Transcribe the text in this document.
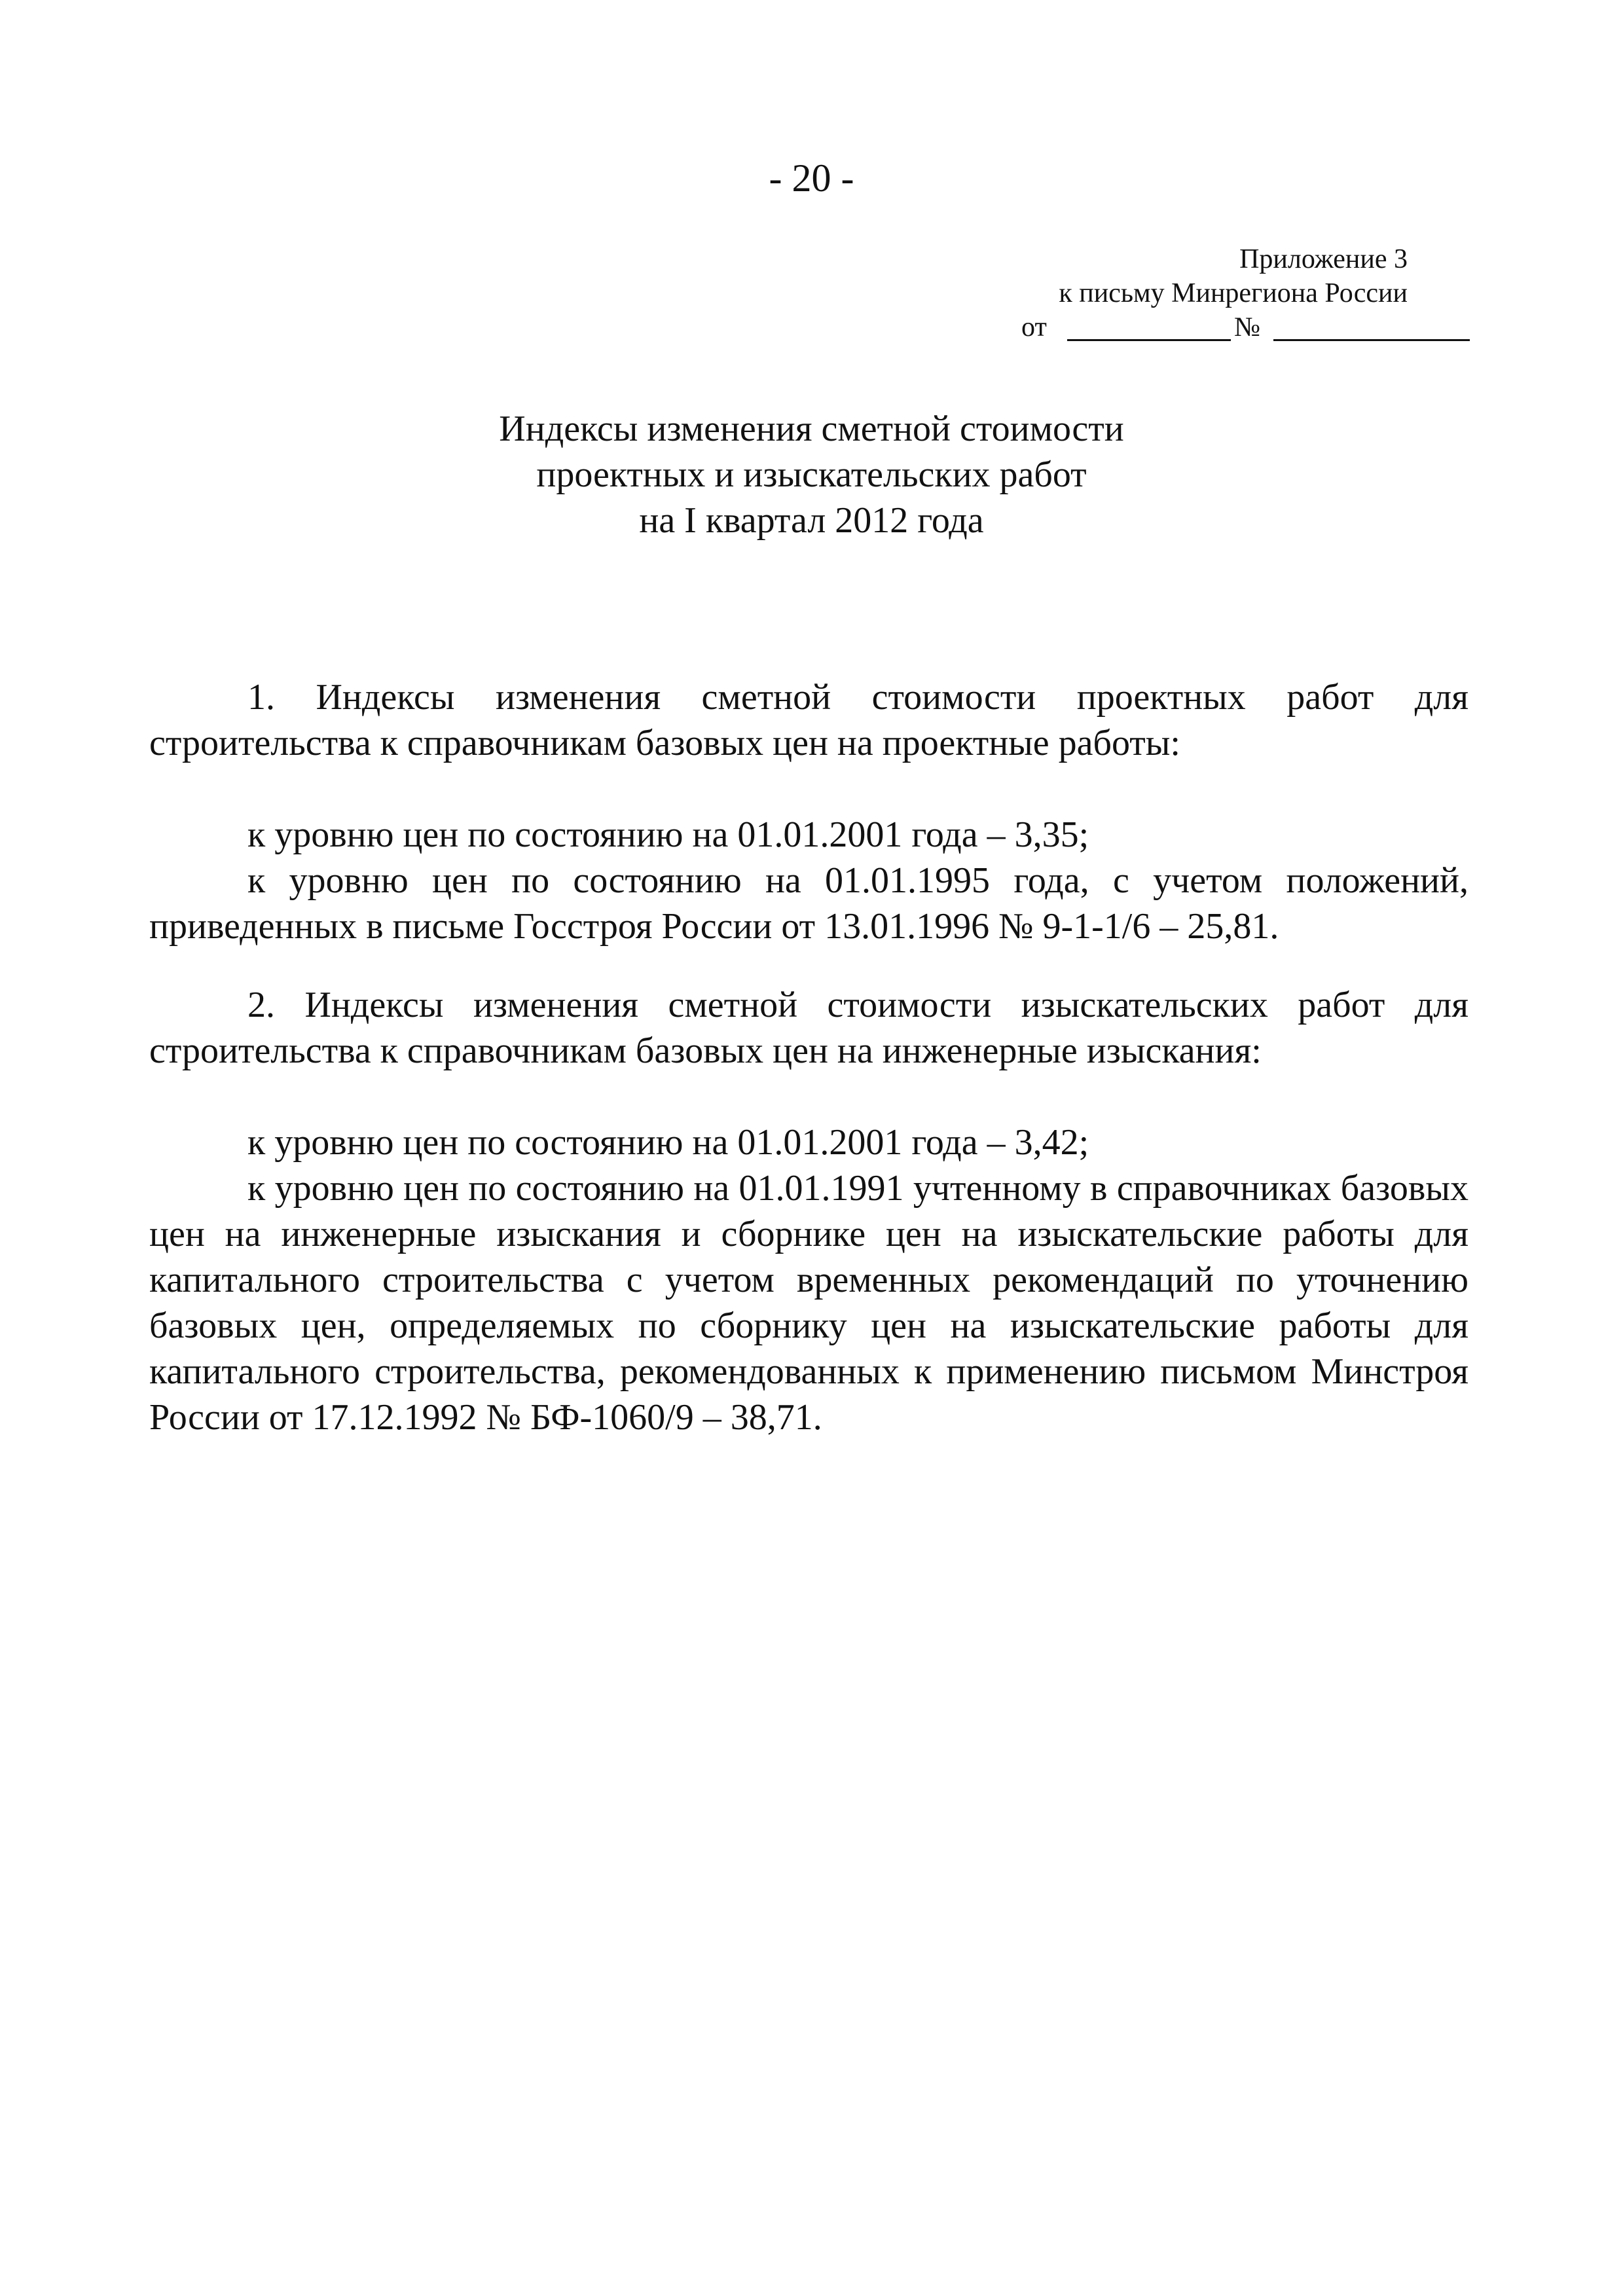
- 20 -
Приложение 3
к письму Минрегиона России
от	№
Индексы изменения сметной стоимости
проектных и изыскательских работ
на I квартал 2012 года

1. Индексы изменения сметной стоимости проектных работ для строительства к справочникам базовых цен на проектные работы:

к уровню цен по состоянию на 01.01.2001 года – 3,35;

к уровню цен по состоянию на 01.01.1995 года, с учетом положений, приведенных в письме Госстроя России от 13.01.1996 № 9-1-1/6 – 25,81.

2. Индексы изменения сметной стоимости изыскательских работ для строительства к справочникам базовых цен на инженерные изыскания:

к уровню цен по состоянию на 01.01.2001 года – 3,42;

к уровню цен по состоянию на 01.01.1991 учтенному в справочниках базовых цен на инженерные изыскания и сборнике цен на изыскательские работы для капитального строительства с учетом временных рекомендаций по уточнению базовых цен, определяемых по сборнику цен на изыскательские работы для капитального строительства, рекомендованных к применению письмом Минстроя России от 17.12.1992 № БФ-1060/9 – 38,71.
